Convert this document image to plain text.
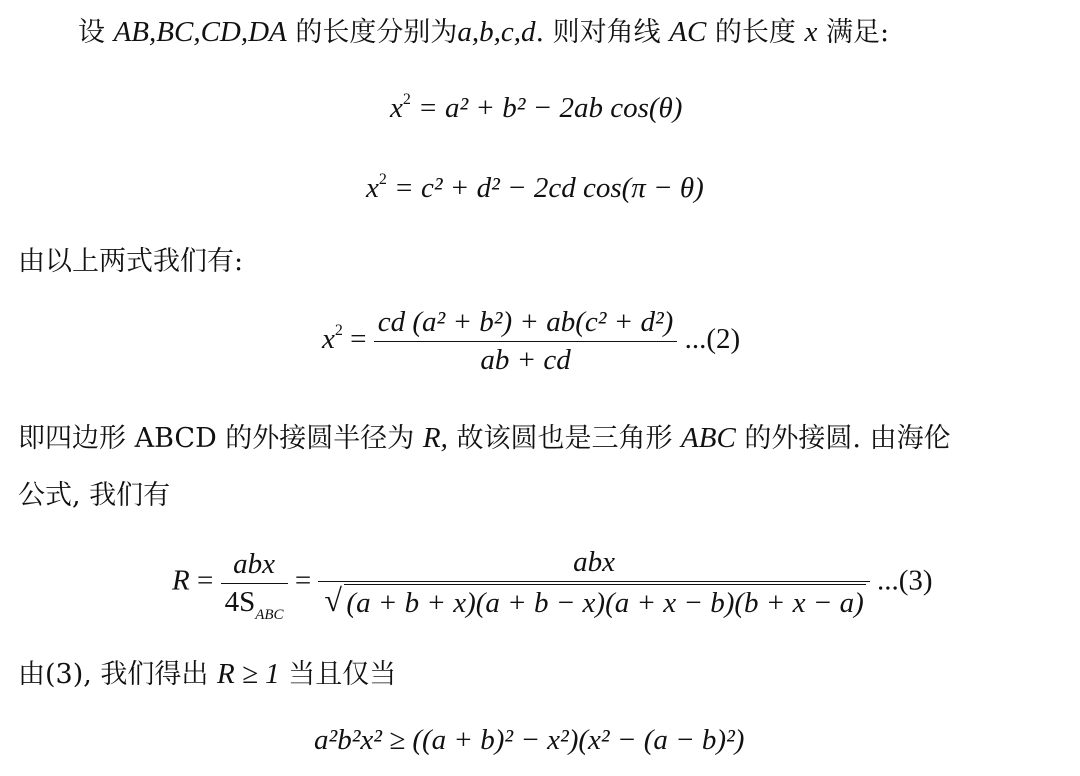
设 AB,BC,CD,DA 的长度分别为a,b,c,d. 则对角线 AC 的长度 x 满足:
$x^2 = a^2 + b^2 - 2ab$ cos(θ)
$x^2 = c^2 + d^2 - 2cd$ cos(π − θ)
由以上两式我们有:
$x^2 = \frac{\text{cd (a² + b²) + ab(c² + d²)}}{ab + cd} ...(2)$
即四边形 ABCD 的外接圆半径为 R, 故该圆也是三角形 ABC 的外接圆. 由海伦
公式, 我们有
$R = \frac{\text{abx}}{4S_{ABC}} = \frac{\text{abx}}{√ (a + b + x)(a + b - x)(a + x - b)(b + x - a)} ...(3)$
由(3), 我们得出 R ≥ 1 当且仅当
a²b²x² ≥ ((a + b)² − x²)(x² − (a − b)²)
